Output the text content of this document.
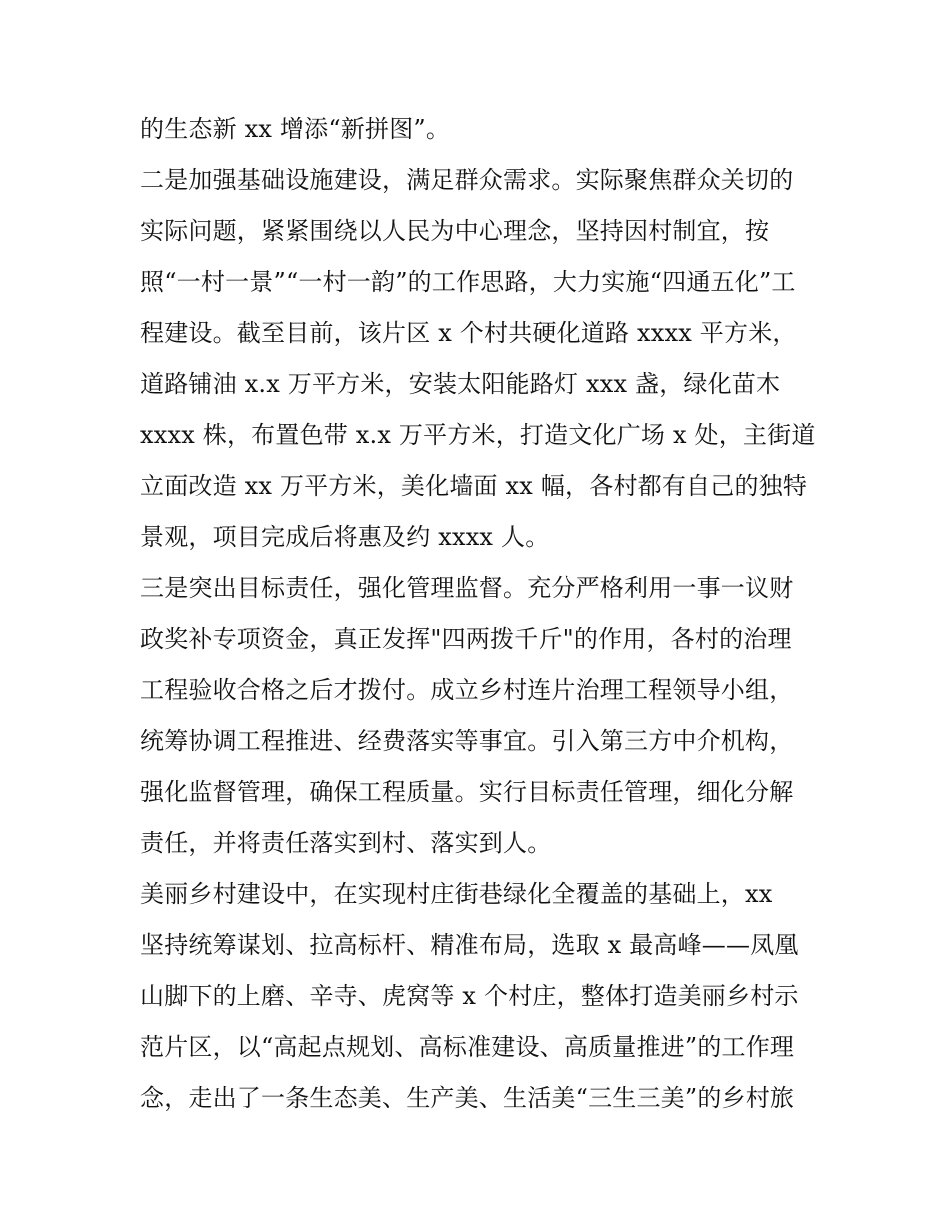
的生态新 xx 增添“新拼图”。
二是加强基础设施建设，满足群众需求。实际聚焦群众关切的
实际问题，紧紧围绕以人民为中心理念，坚持因村制宜，按
照“一村一景”“一村一韵”的工作思路，大力实施“四通五化”工
程建设。截至目前，该片区 x 个村共硬化道路 xxxx 平方米，
道路铺油 x.x 万平方米，安装太阳能路灯 xxx 盏，绿化苗木
xxxx 株，布置色带 x.x 万平方米，打造文化广场 x 处，主街道
立面改造 xx 万平方米，美化墙面 xx 幅，各村都有自己的独特
景观，项目完成后将惠及约 xxxx 人。
三是突出目标责任，强化管理监督。充分严格利用一事一议财
政奖补专项资金，真正发挥"四两拨千斤"的作用，各村的治理
工程验收合格之后才拨付。成立乡村连片治理工程领导小组，
统筹协调工程推进、经费落实等事宜。引入第三方中介机构，
强化监督管理，确保工程质量。实行目标责任管理，细化分解
责任，并将责任落实到村、落实到人。
美丽乡村建设中，在实现村庄街巷绿化全覆盖的基础上，xx
坚持统筹谋划、拉高标杆、精准布局，选取 x 最高峰——凤凰
山脚下的上磨、辛寺、虎窝等 x 个村庄，整体打造美丽乡村示
范片区，以“高起点规划、高标准建设、高质量推进”的工作理
念，走出了一条生态美、生产美、生活美“三生三美”的乡村旅
